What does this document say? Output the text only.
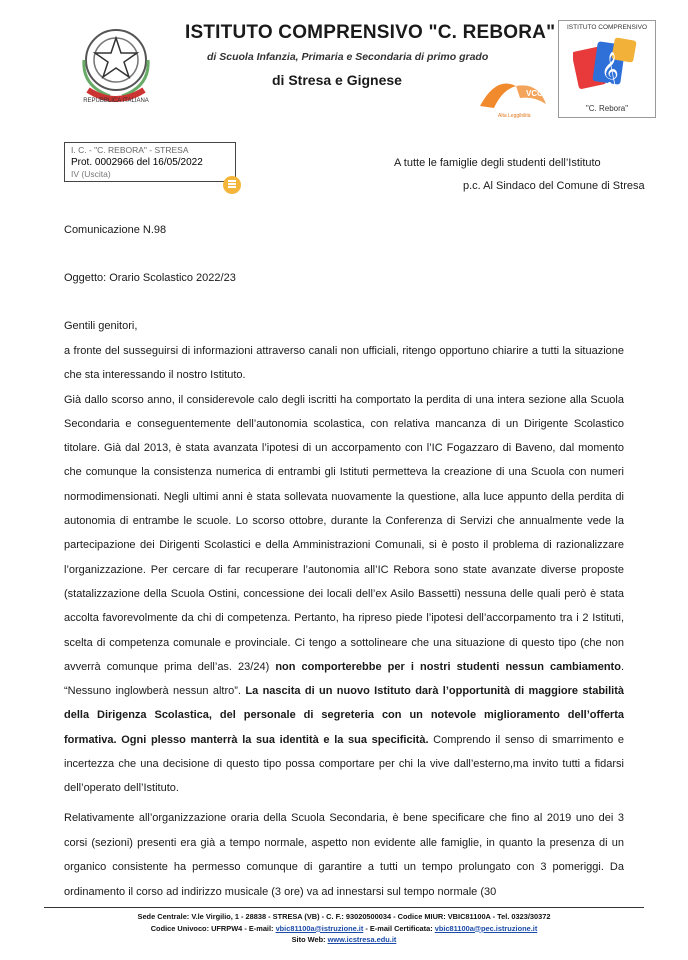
REPUBBLICA ITALIANA
ISTITUTO COMPRENSIVO "C. REBORA"
di Scuola Infanzia, Primaria e Secondaria di primo grado
di Stresa e Gignese
VCO
Alta Leggibilità
ISTITUTO COMPRENSIVO
𝄞
"C. Rebora"
I. C. - "C. REBORA" - STRESA
Prot. 0002966 del 16/05/2022
IV (Uscita)
A tutte le famiglie degli studenti dell’Istituto
p.c. Al Sindaco del Comune di Stresa
Comunicazione N.98
Oggetto: Orario Scolastico 2022/23
Gentili genitori,

a fronte del susseguirsi di informazioni attraverso canali non ufficiali, ritengo opportuno chiarire a tutti la situazione che sta interessando il nostro Istituto.

Già dallo scorso anno, il considerevole calo degli iscritti ha comportato la perdita di una intera sezione alla Scuola Secondaria e conseguentemente dell’autonomia scolastica, con relativa mancanza di un Dirigente Scolastico titolare. Già dal 2013, è stata avanzata l’ipotesi di un accorpamento con l’IC Fogazzaro di Baveno, dal momento che comunque la consistenza numerica di entrambi gli Istituti permetteva la creazione di una Scuola con numeri normodimensionati. Negli ultimi anni è stata sollevata nuovamente la questione, alla luce appunto della perdita di autonomia di entrambe le scuole. Lo scorso ottobre, durante la Conferenza di Servizi che annualmente vede la partecipazione dei Dirigenti Scolastici e della Amministrazioni Comunali, si è posto il problema di razionalizzare l’organizzazione. Per cercare di far recuperare l’autonomia all’IC Rebora sono state avanzate diverse proposte (statalizzazione della Scuola Ostini, concessione dei locali dell’ex Asilo Bassetti) nessuna delle quali però è stata accolta favorevolmente da chi di competenza. Pertanto, ha ripreso piede l’ipotesi dell’accorpamento tra i 2 Istituti, scelta di competenza comunale e provinciale. Ci tengo a sottolineare che una situazione di questo tipo (che non avverrà comunque prima dell’as. 23/24) non comporterebbe per i nostri studenti nessun cambiamento. “Nessuno inglowberà nessun altro”. La nascita di un nuovo Istituto darà l’opportunità di maggiore stabilità della Dirigenza Scolastica, del personale di segreteria con un notevole miglioramento dell’offerta formativa. Ogni plesso manterrà la sua identità e la sua specificità. Comprendo il senso di smarrimento e incertezza che una decisione di questo tipo possa comportare per chi la vive dall’esterno,ma invito tutti a fidarsi dell’operato dell’Istituto.

Relativamente all’organizzazione oraria della Scuola Secondaria, è bene specificare che fino al 2019 uno dei 3 corsi (sezioni) presenti era già a tempo normale, aspetto non evidente alle famiglie, in quanto la presenza di un organico consistente ha permesso comunque di garantire a tutti un tempo prolungato con 3 pomeriggi. Da ordinamento il corso ad indirizzo musicale (3 ore) va ad innestarsi sul tempo normale (30

Sede Centrale: V.le Virgilio, 1 - 28838 - STRESA (VB) - C. F.: 93020500034 - Codice MIUR: VBIC81100A - Tel. 0323/30372
Codice Univoco: UFRPW4 - E-mail: vbic81100a@istruzione.it - E-mail Certificata: vbic81100a@pec.istruzione.it
Sito Web: www.icstresa.edu.it
